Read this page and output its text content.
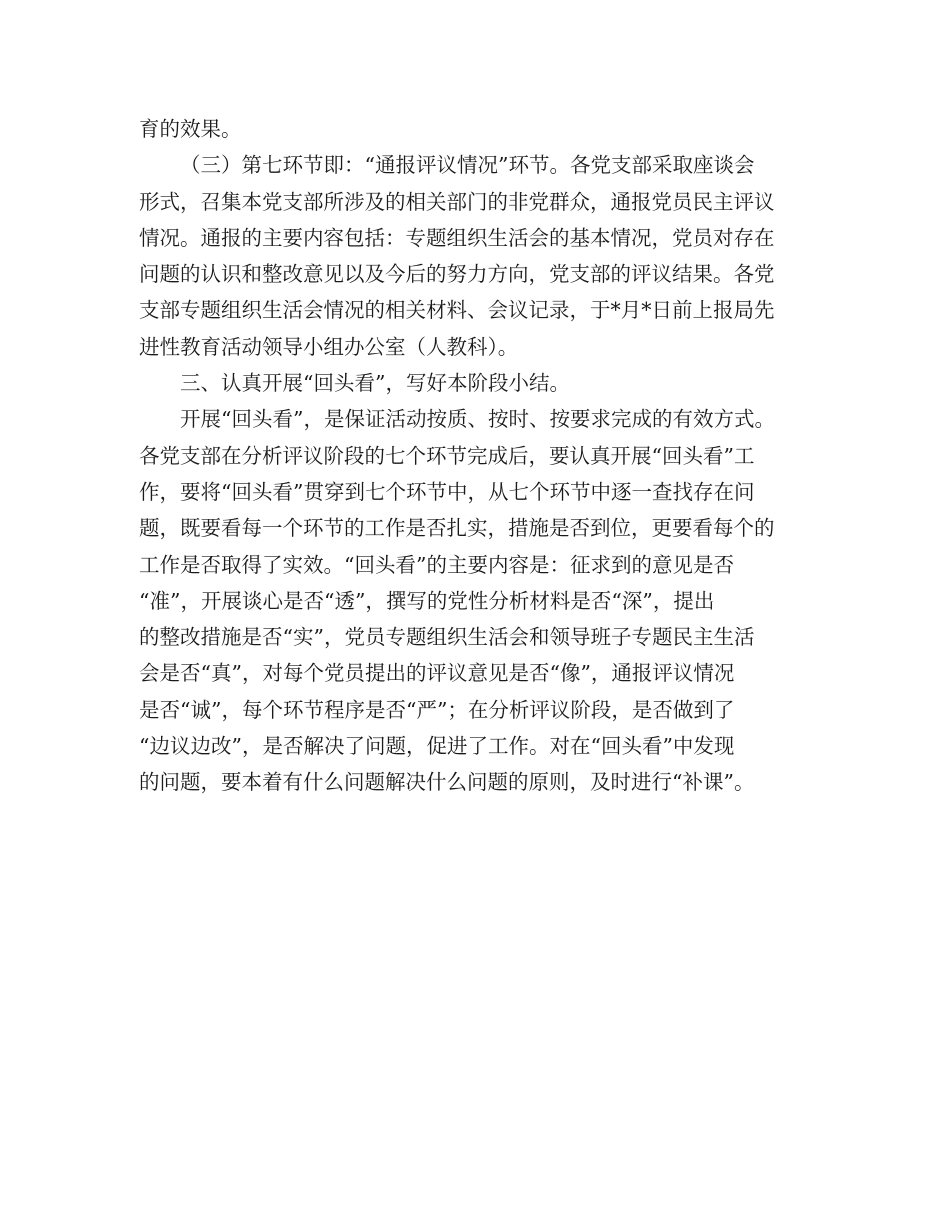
育的效果。
（三）第七环节即：“通报评议情况”环节。各党支部采取座谈会
形式，召集本党支部所涉及的相关部门的非党群众，通报党员民主评议
情况。通报的主要内容包括：专题组织生活会的基本情况，党员对存在
问题的认识和整改意见以及今后的努力方向，党支部的评议结果。各党
支部专题组织生活会情况的相关材料、会议记录，于*月*日前上报局先
进性教育活动领导小组办公室（人教科）。
三、认真开展“回头看”，写好本阶段小结。
开展“回头看”，是保证活动按质、按时、按要求完成的有效方式。
各党支部在分析评议阶段的七个环节完成后，要认真开展“回头看”工
作，要将“回头看”贯穿到七个环节中，从七个环节中逐一查找存在问
题，既要看每一个环节的工作是否扎实，措施是否到位，更要看每个的
工作是否取得了实效。“回头看”的主要内容是：征求到的意见是否
“准”，开展谈心是否“透”，撰写的党性分析材料是否“深”，提出
的整改措施是否“实”，党员专题组织生活会和领导班子专题民主生活
会是否“真”，对每个党员提出的评议意见是否“像”，通报评议情况
是否“诚”，每个环节程序是否“严”；在分析评议阶段，是否做到了
“边议边改”，是否解决了问题，促进了工作。对在“回头看”中发现
的问题，要本着有什么问题解决什么问题的原则，及时进行“补课”。
